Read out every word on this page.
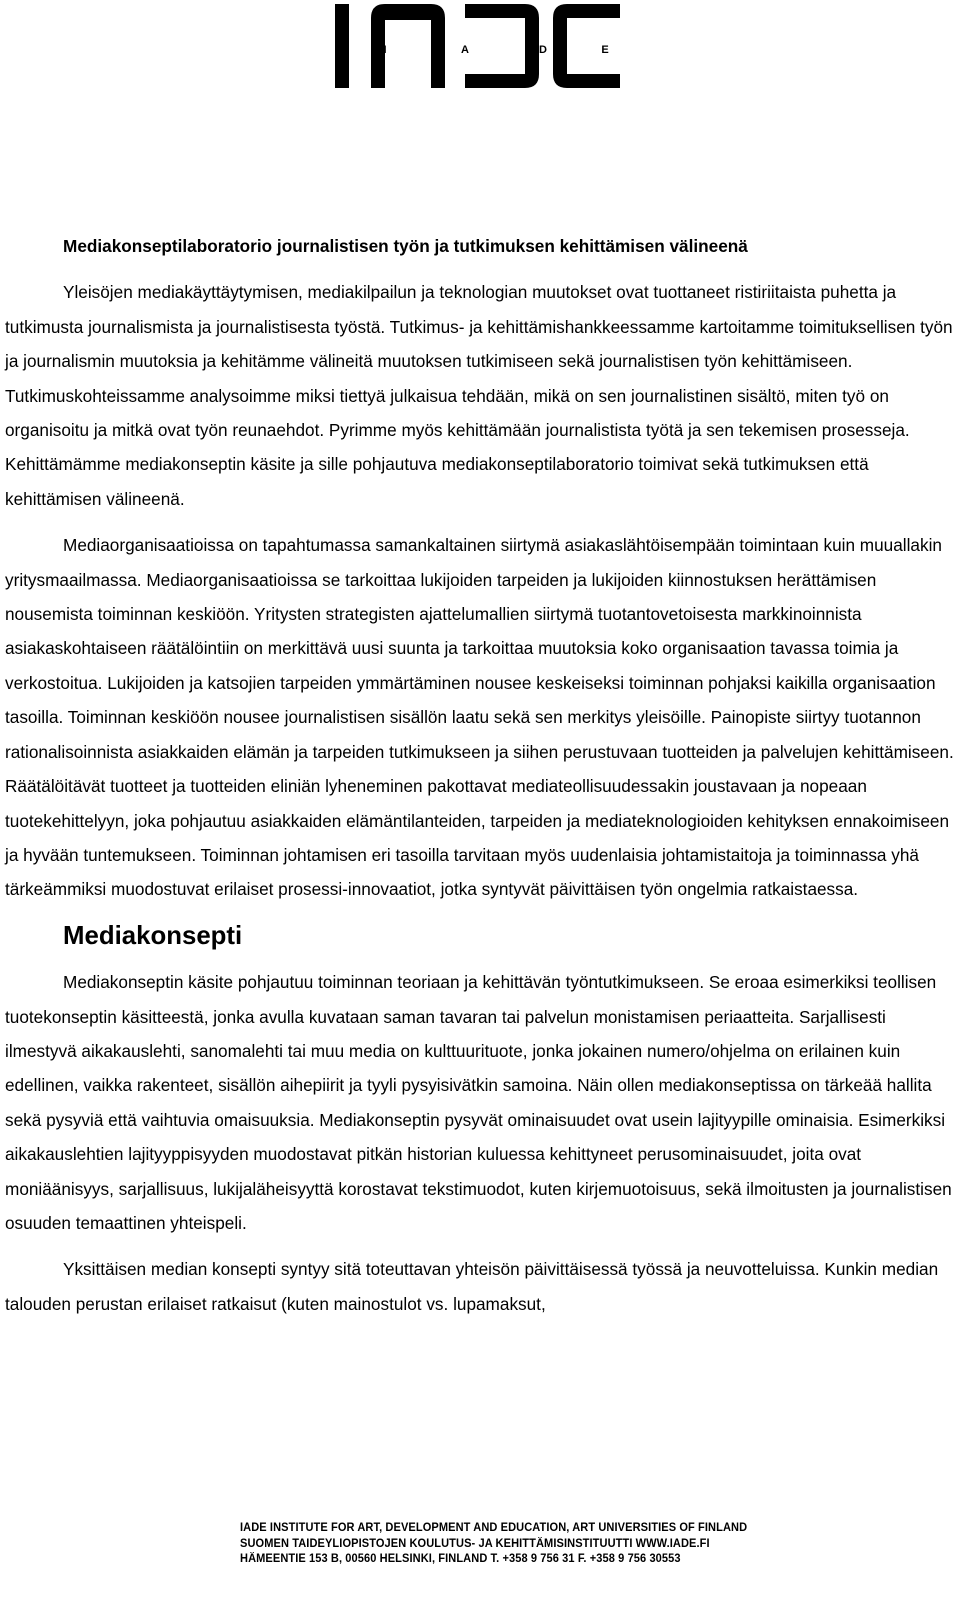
I	A	D	E
Mediakonseptilaboratorio journalistisen työn ja tutkimuksen kehittämisen välineenä

Yleisöjen mediakäyttäytymisen, mediakilpailun ja teknologian muutokset ovat tuottaneet ristiriitaista puhetta ja tutkimusta journalismista ja journalistisesta työstä. Tutkimus- ja kehittämishankkeessamme kartoitamme toimituksellisen työn ja journalismin muutoksia ja kehitämme välineitä muutoksen tutkimiseen sekä journalistisen työn kehittämiseen. Tutkimuskohteissamme analysoimme miksi tiettyä julkaisua tehdään, mikä on sen journalistinen sisältö, miten työ on organisoitu ja mitkä ovat työn reunaehdot. Pyrimme myös kehittämään journalistista työtä ja sen tekemisen prosesseja. Kehittämämme mediakonseptin käsite ja sille pohjautuva mediakonseptilaboratorio toimivat sekä tutkimuksen että kehittämisen välineenä.

Mediaorganisaatioissa on tapahtumassa samankaltainen siirtymä asiakaslähtöisempään toimintaan kuin muuallakin yritysmaailmassa. Mediaorganisaatioissa se tarkoittaa lukijoiden tarpeiden ja lukijoiden kiinnostuksen herättämisen nousemista toiminnan keskiöön. Yritysten strategisten ajattelumallien siirtymä tuotantovetoisesta markkinoinnista asiakaskohtaiseen räätälöintiin on merkittävä uusi suunta ja tarkoittaa muutoksia koko organisaation tavassa toimia ja verkostoitua. Lukijoiden ja katsojien tarpeiden ymmärtäminen nousee keskeiseksi toiminnan pohjaksi kaikilla organisaation tasoilla. Toiminnan keskiöön nousee journalistisen sisällön laatu sekä sen merkitys yleisöille. Painopiste siirtyy tuotannon rationalisoinnista asiakkaiden elämän ja tarpeiden tutkimukseen ja siihen perustuvaan tuotteiden ja palvelujen kehittämiseen. Räätälöitävät tuotteet ja tuotteiden eliniän lyheneminen pakottavat mediateollisuudessakin joustavaan ja nopeaan tuotekehittelyyn, joka pohjautuu asiakkaiden elämäntilanteiden, tarpeiden ja mediateknologioiden kehityksen ennakoimiseen ja hyvään tuntemukseen. Toiminnan johtamisen eri tasoilla tarvitaan myös uudenlaisia johtamistaitoja ja toiminnassa yhä tärkeämmiksi muodostuvat erilaiset prosessi-innovaatiot, jotka syntyvät päivittäisen työn ongelmia ratkaistaessa.

Mediakonsepti

Mediakonseptin käsite pohjautuu toiminnan teoriaan ja kehittävän työntutkimukseen. Se eroaa esimerkiksi teollisen tuotekonseptin käsitteestä, jonka avulla kuvataan saman tavaran tai palvelun monistamisen periaatteita. Sarjallisesti ilmestyvä aikakauslehti, sanomalehti tai muu media on kulttuurituote, jonka jokainen numero/ohjelma on erilainen kuin edellinen, vaikka rakenteet, sisällön aihepiirit ja tyyli pysyisivätkin samoina. Näin ollen mediakonseptissa on tärkeää hallita sekä pysyviä että vaihtuvia omaisuuksia. Mediakonseptin pysyvät ominaisuudet ovat usein lajityypille ominaisia. Esimerkiksi aikakauslehtien lajityyppisyyden muodostavat pitkän historian kuluessa kehittyneet perusominaisuudet, joita ovat moniäänisyys, sarjallisuus, lukijaläheisyyttä korostavat tekstimuodot, kuten kirjemuotoisuus, sekä ilmoitusten ja journalistisen osuuden temaattinen yhteispeli.

Yksittäisen median konsepti syntyy sitä toteuttavan yhteisön päivittäisessä työssä ja neuvotteluissa. Kunkin median talouden perustan erilaiset ratkaisut (kuten mainostulot vs. lupamaksut,

IADE INSTITUTE FOR ART, DEVELOPMENT AND EDUCATION, ART UNIVERSITIES OF FINLAND
SUOMEN TAIDEYLIOPISTOJEN KOULUTUS- JA KEHITTÄMISINSTITUUTTI WWW.IADE.FI
HÄMEENTIE 153 B, 00560 HELSINKI, FINLAND T. +358 9 756 31 F. +358 9 756 30553
